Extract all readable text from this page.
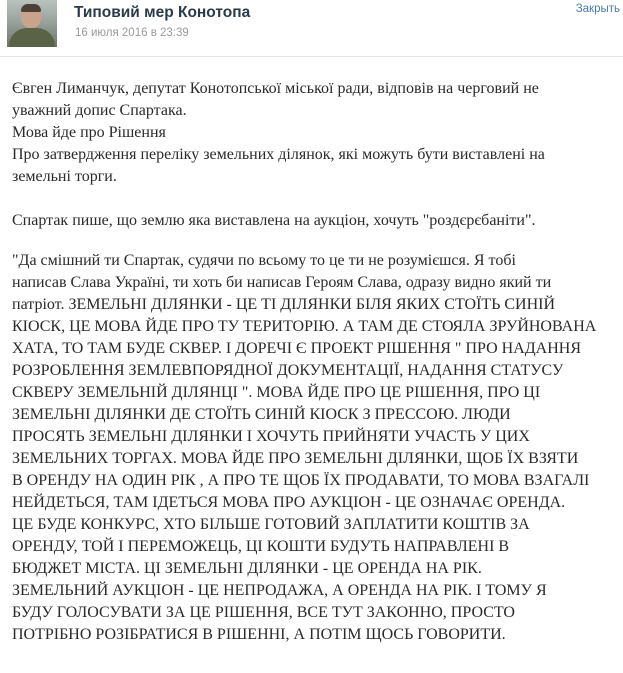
Типовий мер Конотопа
16 июля 2016 в 23:39
Закрыть

Євген Лиманчук, депутат Конотопської міської ради, відповів на черговий не

уважний допис Спартака.

Мова йде про Рішення

Про затвердження переліку земельних ділянок, які можуть бути виставлені на

земельні торги.

Спартак пише, що землю яка виставлена на аукціон, хочуть "роздєрєбаніти".

"Да смішний ти Спартак, судячи по всьому то це ти не розумієшся. Я тобі

написав Слава Україні, ти хоть би написав Героям Слава, одразу видно який ти

патріот. ЗЕМЕЛЬНІ ДІЛЯНКИ - ЦЕ ТІ ДІЛЯНКИ БІЛЯ ЯКИХ СТОЇТЬ СИНІЙ

КІОСК, ЦЕ МОВА ЙДЕ ПРО ТУ ТЕРИТОРІЮ. А ТАМ ДЕ СТОЯЛА ЗРУЙНОВАНА

ХАТА, ТО ТАМ БУДЕ СКВЕР. І ДОРЕЧІ Є ПРОЕКТ РІШЕННЯ " ПРО НАДАННЯ

РОЗРОБЛЕННЯ ЗЕМЛЕВПОРЯДНОЇ ДОКУМЕНТАЦІЇ, НАДАННЯ СТАТУСУ

СКВЕРУ ЗЕМЕЛЬНІЙ ДІЛЯНЦІ ". МОВА ЙДЕ ПРО ЦЕ РІШЕННЯ, ПРО ЦІ

ЗЕМЕЛЬНІ ДІЛЯНКИ ДЕ СТОЇТЬ СИНІЙ КІОСК З ПРЕССОЮ. ЛЮДИ

ПРОСЯТЬ ЗЕМЕЛЬНІ ДІЛЯНКИ І ХОЧУТЬ ПРИЙНЯТИ УЧАСТЬ У ЦИХ

ЗЕМЕЛЬНИХ ТОРГАХ. МОВА ЙДЕ ПРО ЗЕМЕЛЬНІ ДІЛЯНКИ, ЩОБ ЇХ ВЗЯТИ

В ОРЕНДУ НА ОДИН РІК , А ПРО ТЕ ЩОБ ЇХ ПРОДАВАТИ, ТО МОВА ВЗАГАЛІ

НЕЙДЕТЬСЯ, ТАМ ІДЕТЬСЯ МОВА ПРО АУКЦІОН - ЦЕ ОЗНАЧАЄ ОРЕНДА.

ЦЕ БУДЕ КОНКУРС, ХТО БІЛЬШЕ ГОТОВИЙ ЗАПЛАТИТИ КОШТІВ ЗА

ОРЕНДУ, ТОЙ І ПЕРЕМОЖЕЦЬ, ЦІ КОШТИ БУДУТЬ НАПРАВЛЕНІ В

БЮДЖЕТ МІСТА. ЦІ ЗЕМЕЛЬНІ ДІЛЯНКИ - ЦЕ ОРЕНДА НА РІК.

ЗЕМЕЛЬНИЙ АУКЦІОН - ЦЕ НЕПРОДАЖА, А ОРЕНДА НА РІК. І ТОМУ Я

БУДУ ГОЛОСУВАТИ ЗА ЦЕ РІШЕННЯ, ВСЕ ТУТ ЗАКОННО, ПРОСТО

ПОТРІБНО РОЗІБРАТИСЯ В РІШЕННІ, А ПОТІМ ЩОСЬ ГОВОРИТИ.
